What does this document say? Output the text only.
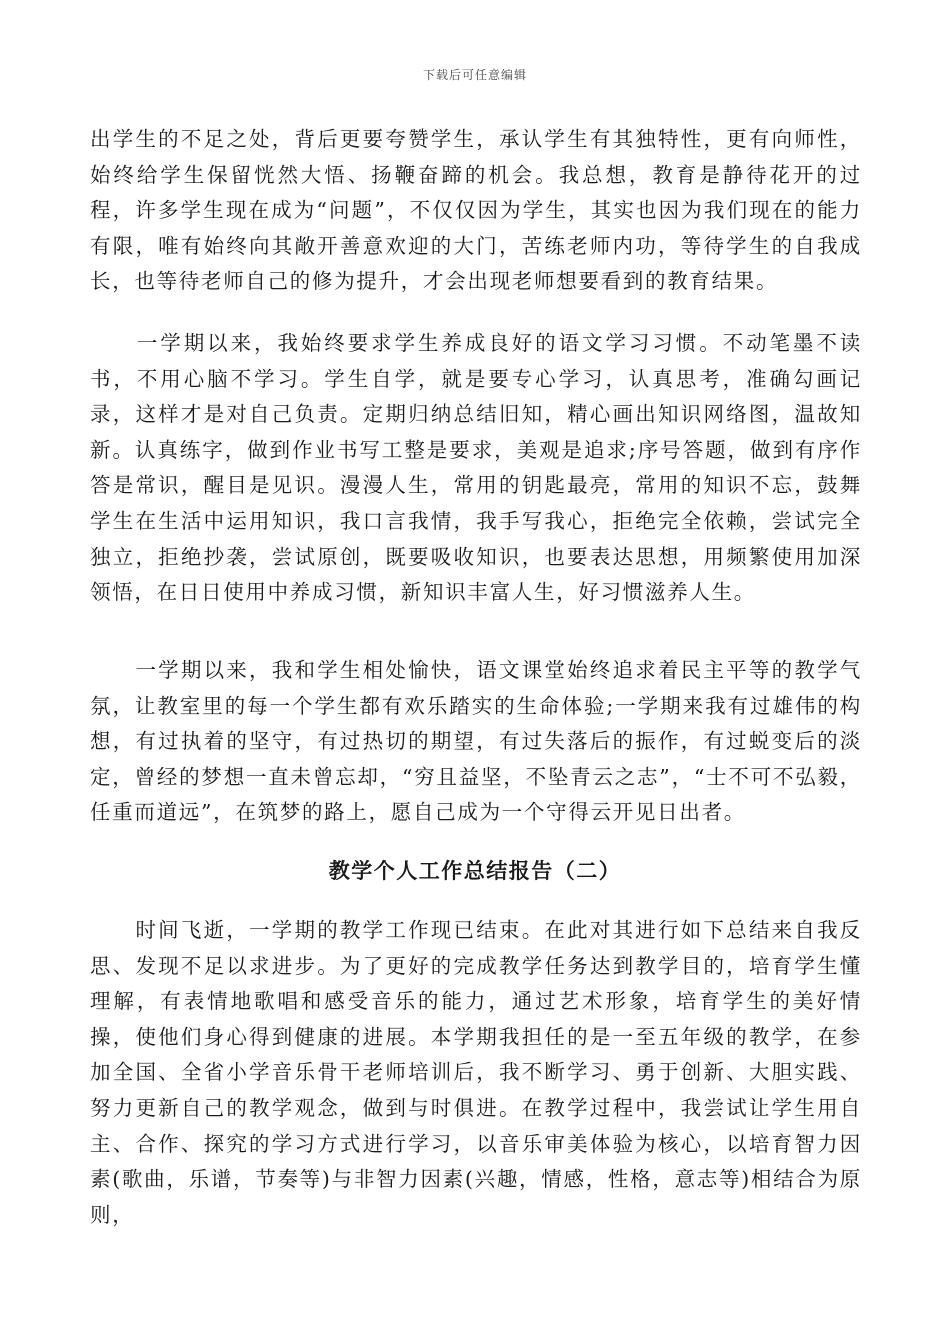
下载后可任意编辑

出学生的不足之处，背后更要夸赞学生，承认学生有其独特性，更有向师性，始终给学生保留恍然大悟、扬鞭奋蹄的机会。我总想，教育是静待花开的过程，许多学生现在成为“问题”，不仅仅因为学生，其实也因为我们现在的能力有限，唯有始终向其敞开善意欢迎的大门，苦练老师内功，等待学生的自我成长，也等待老师自己的修为提升，才会出现老师想要看到的教育结果。

　　一学期以来，我始终要求学生养成良好的语文学习习惯。不动笔墨不读书，不用心脑不学习。学生自学，就是要专心学习，认真思考，准确勾画记录，这样才是对自己负责。定期归纳总结旧知，精心画出知识网络图，温故知新。认真练字，做到作业书写工整是要求，美观是追求;序号答题，做到有序作答是常识，醒目是见识。漫漫人生，常用的钥匙最亮，常用的知识不忘，鼓舞学生在生活中运用知识，我口言我情，我手写我心，拒绝完全依赖，尝试完全独立，拒绝抄袭，尝试原创，既要吸收知识，也要表达思想，用频繁使用加深领悟，在日日使用中养成习惯，新知识丰富人生，好习惯滋养人生。

　　一学期以来，我和学生相处愉快，语文课堂始终追求着民主平等的教学气氛，让教室里的每一个学生都有欢乐踏实的生命体验;一学期来我有过雄伟的构想，有过执着的坚守，有过热切的期望，有过失落后的振作，有过蜕变后的淡定，曾经的梦想一直未曾忘却，“穷且益坚，不坠青云之志”，“士不可不弘毅，任重而道远”，在筑梦的路上，愿自己成为一个守得云开见日出者。

教学个人工作总结报告（二）

　　时间飞逝，一学期的教学工作现已结束。在此对其进行如下总结来自我反思、发现不足以求进步。为了更好的完成教学任务达到教学目的，培育学生懂理解，有表情地歌唱和感受音乐的能力，通过艺术形象，培育学生的美好情操，使他们身心得到健康的进展。本学期我担任的是一至五年级的教学，在参加全国、全省小学音乐骨干老师培训后，我不断学习、勇于创新、大胆实践、努力更新自己的教学观念，做到与时俱进。在教学过程中，我尝试让学生用自主、合作、探究的学习方式进行学习，以音乐审美体验为核心，以培育智力因素(歌曲，乐谱，节奏等)与非智力因素(兴趣，情感，性格，意志等)相结合为原则，
